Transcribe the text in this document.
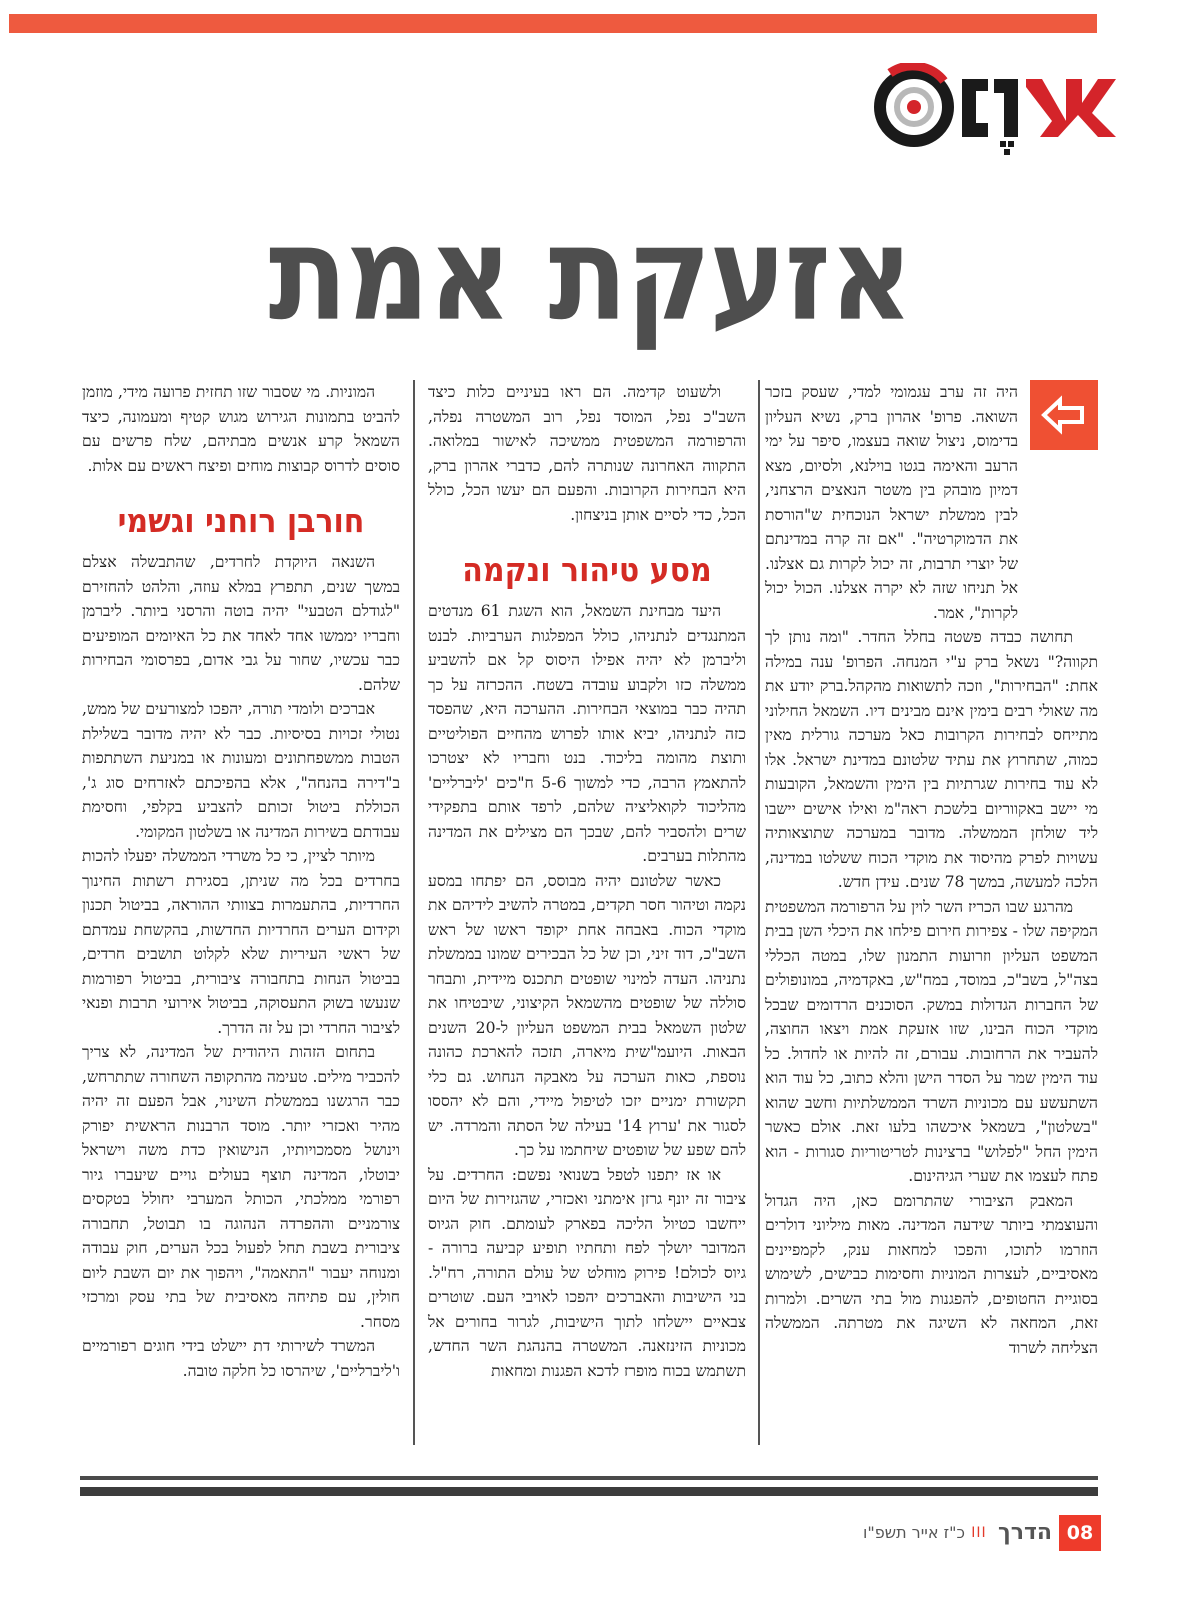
אזעקת אמת

היה זה ערב עגמומי למדי, שעסק בזכר השואה. פרופ' אהרון ברק, נשיא העליון בדימוס, ניצול שואה בעצמו, סיפר על ימי הרעב והאימה בגטו בוילנא, ולסיום, מצא דמיון מובהק בין משטר הנאצים הרצחני, לבין ממשלת ישראל הנוכחית ש"הורסת את הדמוקרטיה". "אם זה קרה במדינתם של יוצרי תרבות, זה יכול לקרות גם אצלנו. אל תניחו שזה לא יקרה אצלנו. הכול יכול לקרות", אמר.

תחושה כבדה פשטה בחלל החדר. "ומה נותן לך תקווה?" נשאל ברק ע"י המנחה. הפרופ' ענה במילה אחת: "הבחירות", וזכה לתשואות מהקהל.ברק יודע את מה שאולי רבים בימין אינם מבינים דיו. השמאל החילוני מתייחס לבחירות הקרובות כאל מערכה גורלית מאין כמוה, שתחרוץ את עתיד שלטונם במדינת ישראל. אלו לא עוד בחירות שגרתיות בין הימין והשמאל, הקובעות מי יישב באקווריום בלשכת ראה"מ ואילו אישים יישבו ליד שולחן הממשלה. מדובר במערכה שתוצאותיה עשויות לפרק מהיסוד את מוקדי הכוח ששלטו במדינה, הלכה למעשה, במשך 78 שנים. עידן חדש.

מהרגע שבו הכריז השר לוין על הרפורמה המשפטית המקיפה שלו - צפירות חירום פילחו את היכלי השן בבית המשפט העליון וזרועות התמנון שלו, במטה הכללי בצה"ל, בשב"כ, במוסד, במח"ש, באקדמיה, במונופולים של החברות הגדולות במשק. הסוכנים הרדומים שבכל מוקדי הכוח הבינו, שזו אזעקת אמת ויצאו החוצה, להעביר את הרחובות. עבורם, זה להיות או לחדול. כל עוד הימין שמר על הסדר הישן והלא כתוב, כל עוד הוא השתעשע עם מכוניות השרד הממשלתיות וחשב שהוא "בשלטון", בשמאל איכשהו בלעו זאת. אולם כאשר הימין החל "לפלוש" ברצינות לטריטוריות סגורות - הוא פתח לעצמו את שערי הגיהינום.

המאבק הציבורי שהתרומם כאן, היה הגדול והעוצמתי ביותר שידעה המדינה. מאות מיליוני דולרים הוזרמו לתוכו, והפכו למחאות ענק, לקמפיינים מאסיביים, לעצרות המוניות וחסימות כבישים, לשימוש בסוגיית החטופים, להפגנות מול בתי השרים. ולמרות זאת, המחאה לא השיגה את מטרתה. הממשלה הצליחה לשרוד

ולשעוט קדימה. הם ראו בעיניים כלות כיצד השב"כ נפל, המוסד נפל, רוב המשטרה נפלה, והרפורמה המשפטית ממשיכה לאישור במלואה. התקווה האחרונה שנותרה להם, כדברי אהרון ברק, היא הבחירות הקרובות. והפעם הם יעשו הכל, כולל הכל, כדי לסיים אותן בניצחון.

מסע טיהור ונקמה

היעד מבחינת השמאל, הוא השגת 61 מנדטים המתנגדים לנתניהו, כולל המפלגות הערביות. לבנט וליברמן לא יהיה אפילו היסוס קל אם להשביע ממשלה כזו ולקבוע עובדה בשטח. ההכרזה על כך תהיה כבר במוצאי הבחירות. ההערכה היא, שהפסד כזה לנתניהו, יביא אותו לפרוש מהחיים הפוליטיים ותוצת מהומה בליכוד. בנט וחבריו לא יצטרכו להתאמץ הרבה, כדי למשוך 5-6 ח"כים 'ליברליים' מהליכוד לקואליציה שלהם, לרפד אותם בתפקידי שרים ולהסביר להם, שבכך הם מצילים את המדינה מהתלות בערבים.

כאשר שלטונם יהיה מבוסס, הם יפתחו במסע נקמה וטיהור חסר תקדים, במטרה להשיב לידיהם את מוקדי הכוח. באבחה אחת יקופד ראשו של ראש השב"כ, דוד זיני, וכן של כל הבכירים שמונו בממשלת נתניהו. העדה למינוי שופטים תתכנס מיידית, ותבחר סוללה של שופטים מהשמאל הקיצוני, שיבטיחו את שלטון השמאל בבית המשפט העליון ל-20 השנים הבאות. היועמ"שית מיארה, תזכה להארכת כהונה נוספת, כאות הערכה על מאבקה הנחוש. גם כלי תקשורת ימניים יזכו לטיפול מיידי, והם לא יהססו לסגור את 'ערוץ 14' בעילה של הסתה והמרדה. יש להם שפע של שופטים שיחתמו על כך.

או אז יתפנו לטפל בשנואי נפשם: החרדים. על ציבור זה יונף גרזן אימתני ואכזרי, שהגזירות של היום ייחשבו כטיול הליכה בפארק לעומתם. חוק הגיוס המדובר יושלך לפח ותחתיו תופיע קביעה ברורה - גיוס לכולם! פירוק מוחלט של עולם התורה, רח"ל. בני הישיבות והאברכים יהפכו לאויבי העם. שוטרים צבאיים יישלחו לתוך הישיבות, לגרור בחורים אל מכוניות הזינזאנה. המשטרה בהנהגת השר החדש, תשתמש בכוח מופרז לדכא הפגנות ומחאות

המוניות. מי שסבור שזו תחזית פרועה מידי, מוזמן להביט בתמונות הגירוש מגוש קטיף ומעמונה, כיצד השמאל קרע אנשים מבתיהם, שלח פרשים עם סוסים לדרוס קבוצות מוחים ופיצח ראשים עם אלות.

חורבן רוחני וגשמי

השנאה היוקדת לחרדים, שהתבשלה אצלם במשך שנים, תתפרץ במלא עוזה, והלהט להחזירם "לגודלם הטבעי" יהיה בוטה והרסני ביותר. ליברמן וחבריו יממשו אחד לאחד את כל האיומים המופיעים כבר עכשיו, שחור על גבי אדום, בפרסומי הבחירות שלהם.

אברכים ולומדי תורה, יהפכו למצורעים של ממש, נטולי זכויות בסיסיות. כבר לא יהיה מדובר בשלילת הטבות ממשפחתונים ומעונות או במניעת השתתפות ב"דירה בהנחה", אלא בהפיכתם לאזרחים סוג ג', הכוללת ביטול זכותם להצביע בקלפי, וחסימת עבודתם בשירות המדינה או בשלטון המקומי.

מיותר לציין, כי כל משרדי הממשלה יפעלו להכות בחרדים בכל מה שניתן, בסגירת רשתות החינוך החרדיות, בהתעמרות בצוותי ההוראה, בביטול תכנון וקידום הערים החרדיות החדשות, בהקשחת עמדתם של ראשי העיריות שלא לקלוט תושבים חרדים, בביטול הנחות בתחבורה ציבורית, בביטול רפורמות שנעשו בשוק התעסוקה, בביטול אירועי תרבות ופנאי לציבור החרדי וכן על זה הדרך.

בתחום הזהות היהודית של המדינה, לא צריך להכביר מילים. טעימה מהתקופה השחורה שתתרחש, כבר הרגשנו בממשלת השינוי, אבל הפעם זה יהיה מהיר ואכזרי יותר. מוסד הרבנות הראשית יפורק וינושל מסמכויותיו, הנישואין כדת משה וישראל יבוטלו, המדינה תוצף בעולים גויים שיעברו גיור רפורמי ממלכתי, הכותל המערבי יחולל בטקסים צורמניים וההפרדה הנהוגה בו תבוטל, תחבורה ציבורית בשבת תחל לפעול בכל הערים, חוק עבודה ומנוחה יעבור "התאמה", ויהפוך את יום השבת ליום חולין, עם פתיחה מאסיבית של בתי עסק ומרכזי מסחר.

המשרד לשירותי דת יישלט בידי חוגים רפורמיים ו'ליברליים', שיהרסו כל חלקה טובה.

08
הדרך
III
כ"ז אייר תשפ"ו
